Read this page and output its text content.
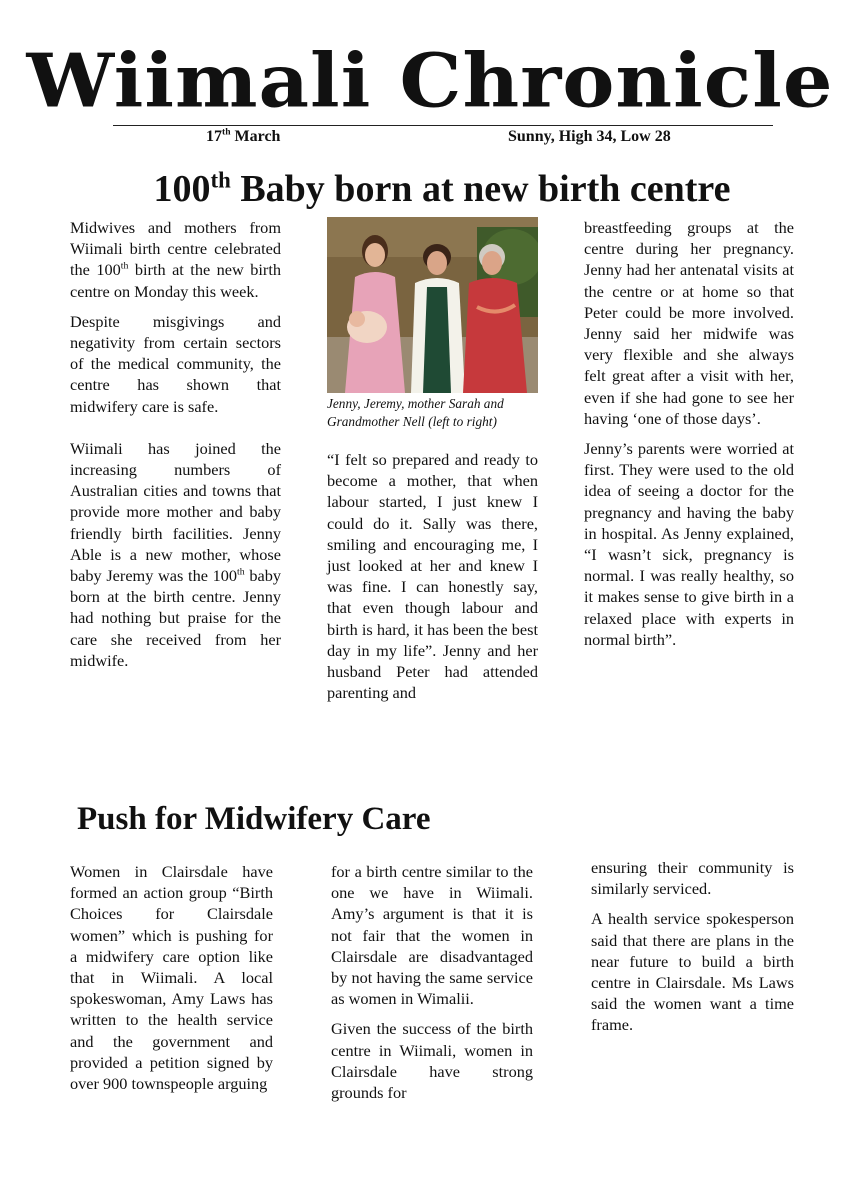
Wiimali Chronicle
17th March	Sunny, High 34, Low 28
100th Baby born at new birth centre

Midwives and mothers from Wiimali birth centre celebrated the 100th birth at the new birth centre on Monday this week.

Despite misgivings and negativity from certain sectors of the medical community, the centre has shown that midwifery care is safe.

Wiimali has joined the increasing numbers of Australian cities and towns that provide more mother and baby friendly birth facilities. Jenny Able is a new mother, whose baby Jeremy was the 100th baby born at the birth centre. Jenny had nothing but praise for the care she received from her midwife.

Jenny, Jeremy, mother Sarah and Grandmother Nell (left to right)

“I felt so prepared and ready to become a mother, that when labour started, I just knew I could do it. Sally was there, smiling and encouraging me, I just looked at her and knew I was fine. I can honestly say, that even though labour and birth is hard, it has been the best day in my life”. Jenny and her husband Peter had attended parenting and

breastfeeding groups at the centre during her pregnancy. Jenny had her antenatal visits at the centre or at home so that Peter could be more involved. Jenny said her midwife was very flexible and she always felt great after a visit with her, even if she had gone to see her having ‘one of those days’.

Jenny’s parents were worried at first. They were used to the old idea of seeing a doctor for the pregnancy and having the baby in hospital. As Jenny explained, “I wasn’t sick, pregnancy is normal. I was really healthy, so it makes sense to give birth in a relaxed place with experts in normal birth”.

Push for Midwifery Care

Women in Clairsdale have formed an action group “Birth Choices for Clairsdale women” which is pushing for a midwifery care option like that in Wiimali. A local spokeswoman, Amy Laws has written to the health service and the government and provided a petition signed by over 900 townspeople arguing

for a birth centre similar to the one we have in Wiimali. Amy’s argument is that it is not fair that the women in Clairsdale are disadvantaged by not having the same service as women in Wimalii.

Given the success of the birth centre in Wiimali, women in Clairsdale have strong grounds for

ensuring their community is similarly serviced.

A health service spokesperson said that there are plans in the near future to build a birth centre in Clairsdale. Ms Laws said the women want a time frame.
